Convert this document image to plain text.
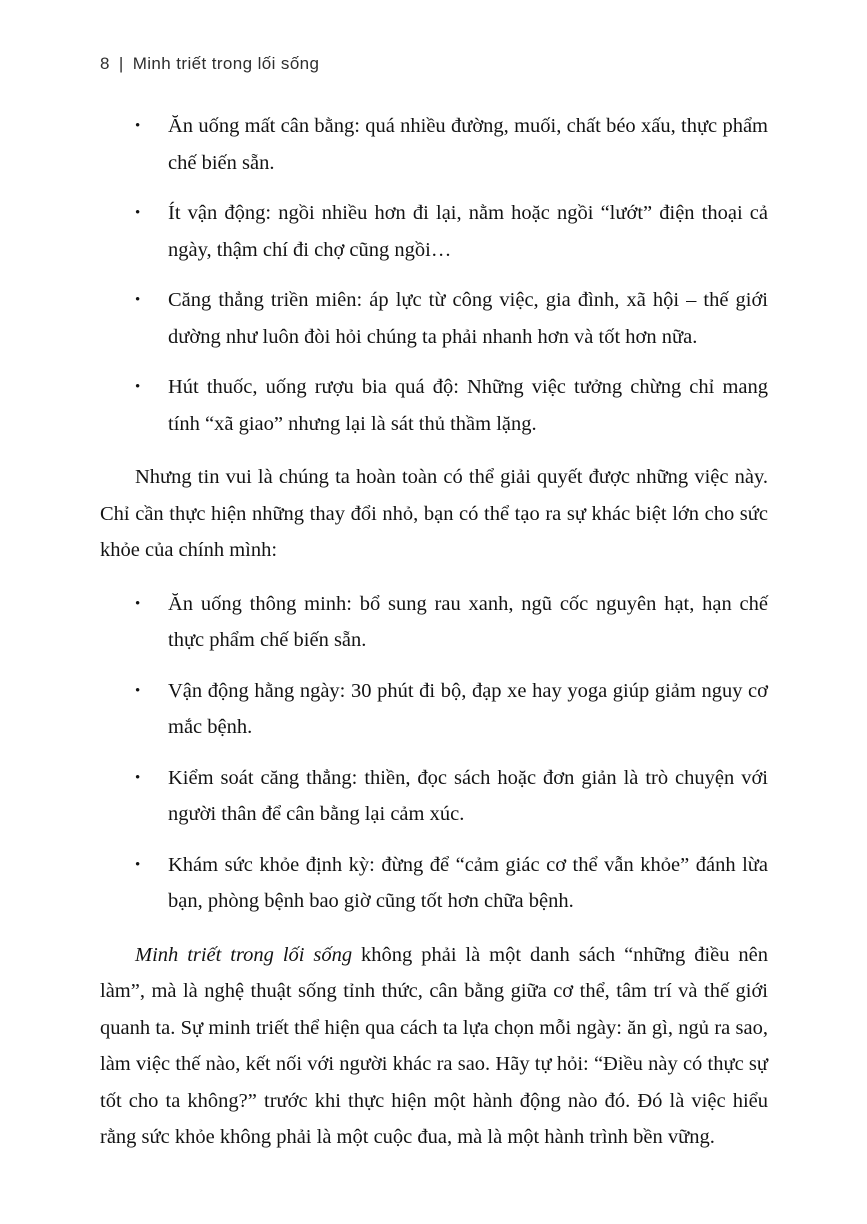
8 | Minh triết trong lối sống
•	Ăn uống mất cân bằng: quá nhiều đường, muối, chất béo xấu, thực phẩm chế biến sẵn.
•	Ít vận động: ngồi nhiều hơn đi lại, nằm hoặc ngồi “lướt” điện thoại cả ngày, thậm chí đi chợ cũng ngồi…
•	Căng thẳng triền miên: áp lực từ công việc, gia đình, xã hội – thế giới dường như luôn đòi hỏi chúng ta phải nhanh hơn và tốt hơn nữa.
•	Hút thuốc, uống rượu bia quá độ: Những việc tưởng chừng chỉ mang tính “xã giao” nhưng lại là sát thủ thầm lặng.

Nhưng tin vui là chúng ta hoàn toàn có thể giải quyết được những việc này. Chỉ cần thực hiện những thay đổi nhỏ, bạn có thể tạo ra sự khác biệt lớn cho sức khỏe của chính mình:

•	Ăn uống thông minh: bổ sung rau xanh, ngũ cốc nguyên hạt, hạn chế thực phẩm chế biến sẵn.
•	Vận động hằng ngày: 30 phút đi bộ, đạp xe hay yoga giúp giảm nguy cơ mắc bệnh.
•	Kiểm soát căng thẳng: thiền, đọc sách hoặc đơn giản là trò chuyện với người thân để cân bằng lại cảm xúc.
•	Khám sức khỏe định kỳ: đừng để “cảm giác cơ thể vẫn khỏe” đánh lừa bạn, phòng bệnh bao giờ cũng tốt hơn chữa bệnh.

Minh triết trong lối sống không phải là một danh sách “những điều nên làm”, mà là nghệ thuật sống tỉnh thức, cân bằng giữa cơ thể, tâm trí và thế giới quanh ta. Sự minh triết thể hiện qua cách ta lựa chọn mỗi ngày: ăn gì, ngủ ra sao, làm việc thế nào, kết nối với người khác ra sao. Hãy tự hỏi: “Điều này có thực sự tốt cho ta không?” trước khi thực hiện một hành động nào đó. Đó là việc hiểu rằng sức khỏe không phải là một cuộc đua, mà là một hành trình bền vững.
